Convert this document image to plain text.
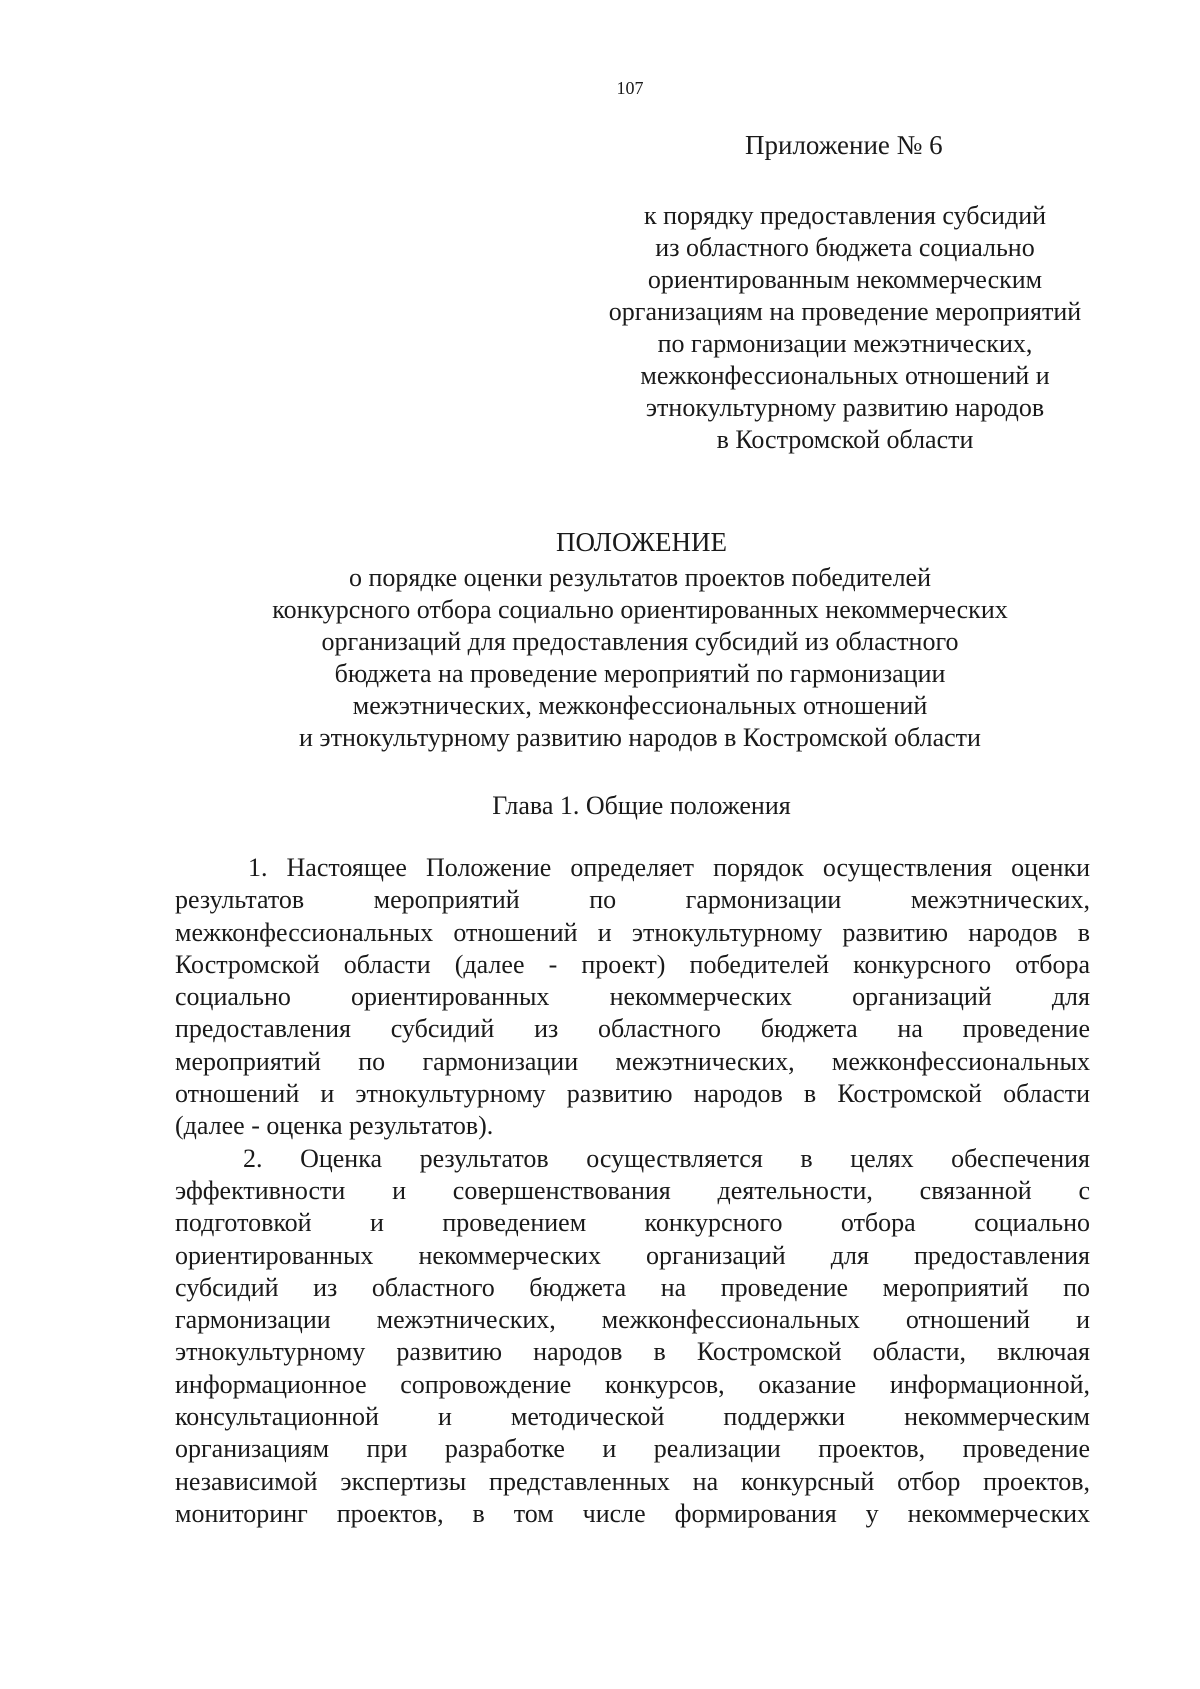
107
Приложение № 6
к порядку предоставления субсидий
из областного бюджета социально
ориентированным некоммерческим
организациям на проведение мероприятий
по гармонизации межэтнических,
межконфессиональных отношений и
этнокультурному развитию народов
в Костромской области
ПОЛОЖЕНИЕ
о порядке оценки результатов проектов победителей
конкурсного отбора социально ориентированных некоммерческих
организаций для предоставления субсидий из областного
бюджета на проведение мероприятий по гармонизации
межэтнических, межконфессиональных отношений
и этнокультурному развитию народов в Костромской области
Глава 1. Общие положения
1. Настоящее Положение определяет порядок осуществления оценки
результатов мероприятий по гармонизации межэтнических,
межконфессиональных отношений и этнокультурному развитию народов в
Костромской области (далее - проект) победителей конкурсного отбора
социально ориентированных некоммерческих организаций для
предоставления субсидий из областного бюджета на проведение
мероприятий по гармонизации межэтнических, межконфессиональных
отношений и этнокультурному развитию народов в Костромской области
(далее - оценка результатов).
2. Оценка результатов осуществляется в целях обеспечения
эффективности и совершенствования деятельности, связанной с
подготовкой и проведением конкурсного отбора социально
ориентированных некоммерческих организаций для предоставления
субсидий из областного бюджета на проведение мероприятий по
гармонизации межэтнических, межконфессиональных отношений и
этнокультурному развитию народов в Костромской области, включая
информационное сопровождение конкурсов, оказание информационной,
консультационной и методической поддержки некоммерческим
организациям при разработке и реализации проектов, проведение
независимой экспертизы представленных на конкурсный отбор проектов,
мониторинг проектов, в том числе формирования у некоммерческих
